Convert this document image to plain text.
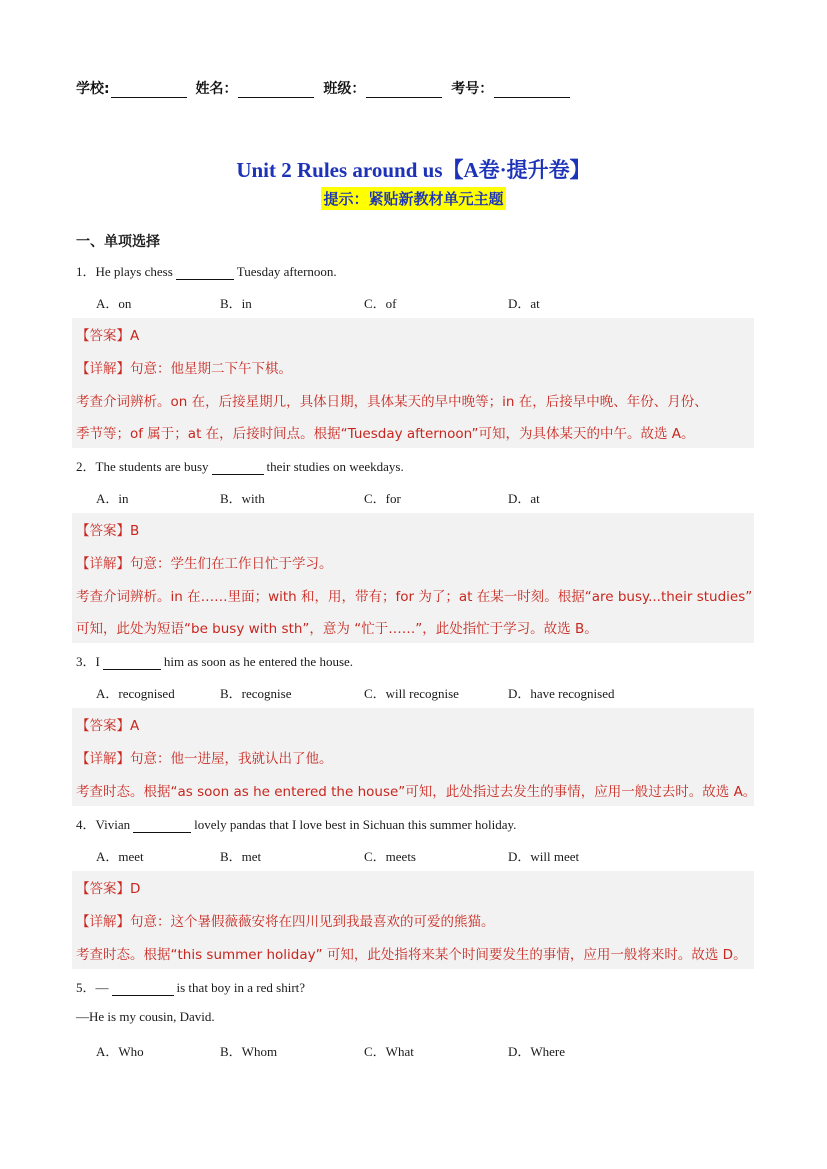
学校:	姓名：	班级：	考号：
Unit 2 Rules around us【A卷·提升卷】
提示：紧贴新教材单元主题
一、单项选择
1．He plays chess	Tuesday afternoon.
A．on	B．in	C．of	D．at
【答案】A
【详解】句意：他星期二下午下棋。
考查介词辨析。on 在，后接星期几，具体日期，具体某天的早中晚等；in 在，后接早中晚、年份、月份、
季节等；of 属于；at 在，后接时间点。根据“Tuesday afternoon”可知，为具体某天的中午。故选 A。
2．The students are busy	their studies on weekdays.
A．in	B．with	C．for	D．at
【答案】B
【详解】句意：学生们在工作日忙于学习。
考查介词辨析。in 在……里面；with 和，用，带有；for 为了；at 在某一时刻。根据“are busy...their studies”
可知，此处为短语“be busy with sth”，意为 “忙于……”，此处指忙于学习。故选 B。
3．I	him as soon as he entered the house.
A．recognised	B．recognise	C．will recognise	D．have recognised
【答案】A
【详解】句意：他一进屋，我就认出了他。
考查时态。根据“as soon as he entered the house”可知，此处指过去发生的事情，应用一般过去时。故选 A。
4．Vivian	lovely pandas that I love best in Sichuan this summer holiday.
A．meet	B．met	C．meets	D．will meet
【答案】D
【详解】句意：这个暑假薇薇安将在四川见到我最喜欢的可爱的熊猫。
考查时态。根据“this summer holiday” 可知，此处指将来某个时间要发生的事情，应用一般将来时。故选 D。
5．—	is that boy in a red shirt?
—He is my cousin, David.
A．Who	B．Whom	C．What	D．Where
